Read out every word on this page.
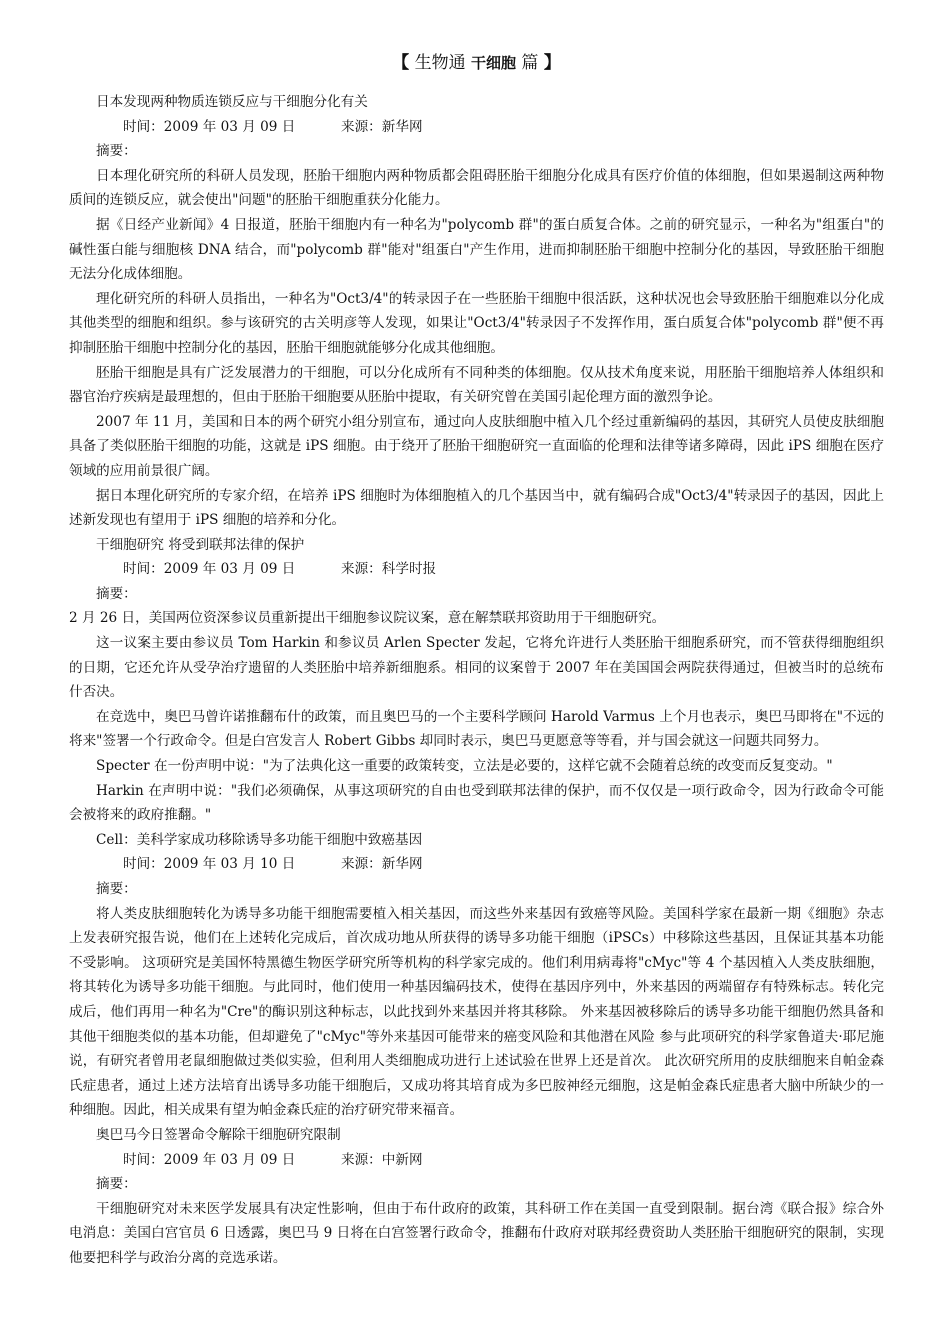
【 生物通 干细胞 篇 】

日本发现两种物质连锁反应与干细胞分化有关

时间：2009 年 03 月 09 日	来源：新华网

摘要：

日本理化研究所的科研人员发现，胚胎干细胞内两种物质都会阻碍胚胎干细胞分化成具有医疗价值的体细胞，但如果遏制这两种物质间的连锁反应，就会使出"问题"的胚胎干细胞重获分化能力。

据《日经产业新闻》4 日报道，胚胎干细胞内有一种名为"polycomb 群"的蛋白质复合体。之前的研究显示，一种名为"组蛋白"的碱性蛋白能与细胞核 DNA 结合，而"polycomb 群"能对"组蛋白"产生作用，进而抑制胚胎干细胞中控制分化的基因，导致胚胎干细胞无法分化成体细胞。

理化研究所的科研人员指出，一种名为"Oct3/4"的转录因子在一些胚胎干细胞中很活跃，这种状况也会导致胚胎干细胞难以分化成其他类型的细胞和组织。参与该研究的古关明彦等人发现，如果让"Oct3/4"转录因子不发挥作用，蛋白质复合体"polycomb 群"便不再抑制胚胎干细胞中控制分化的基因，胚胎干细胞就能够分化成其他细胞。

胚胎干细胞是具有广泛发展潜力的干细胞，可以分化成所有不同种类的体细胞。仅从技术角度来说，用胚胎干细胞培养人体组织和器官治疗疾病是最理想的，但由于胚胎干细胞要从胚胎中提取，有关研究曾在美国引起伦理方面的激烈争论。

2007 年 11 月，美国和日本的两个研究小组分别宣布，通过向人皮肤细胞中植入几个经过重新编码的基因，其研究人员使皮肤细胞具备了类似胚胎干细胞的功能，这就是 iPS 细胞。由于绕开了胚胎干细胞研究一直面临的伦理和法律等诸多障碍，因此 iPS 细胞在医疗领域的应用前景很广阔。

据日本理化研究所的专家介绍，在培养 iPS 细胞时为体细胞植入的几个基因当中，就有编码合成"Oct3/4"转录因子的基因，因此上述新发现也有望用于 iPS 细胞的培养和分化。

干细胞研究 将受到联邦法律的保护

时间：2009 年 03 月 09 日	来源：科学时报

摘要：

2 月 26 日，美国两位资深参议员重新提出干细胞参议院议案，意在解禁联邦资助用于干细胞研究。

这一议案主要由参议员 Tom Harkin 和参议员 Arlen Specter 发起，它将允许进行人类胚胎干细胞系研究，而不管获得细胞组织的日期，它还允许从受孕治疗遗留的人类胚胎中培养新细胞系。相同的议案曾于 2007 年在美国国会两院获得通过，但被当时的总统布什否决。

在竞选中，奥巴马曾许诺推翻布什的政策，而且奥巴马的一个主要科学顾问 Harold Varmus 上个月也表示，奥巴马即将在"不远的将来"签署一个行政命令。但是白宫发言人 Robert Gibbs 却同时表示，奥巴马更愿意等等看，并与国会就这一问题共同努力。

Specter 在一份声明中说："为了法典化这一重要的政策转变，立法是必要的，这样它就不会随着总统的改变而反复变动。"

Harkin 在声明中说："我们必须确保，从事这项研究的自由也受到联邦法律的保护，而不仅仅是一项行政命令，因为行政命令可能会被将来的政府推翻。"

Cell：美科学家成功移除诱导多功能干细胞中致癌基因

时间：2009 年 03 月 10 日	来源：新华网

摘要：

将人类皮肤细胞转化为诱导多功能干细胞需要植入相关基因，而这些外来基因有致癌等风险。美国科学家在最新一期《细胞》杂志上发表研究报告说，他们在上述转化完成后，首次成功地从所获得的诱导多功能干细胞（iPSCs）中移除这些基因，且保证其基本功能不受影响。 这项研究是美国怀特黑德生物医学研究所等机构的科学家完成的。他们利用病毒将"cMyc"等 4 个基因植入人类皮肤细胞，将其转化为诱导多功能干细胞。与此同时，他们使用一种基因编码技术，使得在基因序列中，外来基因的两端留存有特殊标志。转化完成后，他们再用一种名为"Cre"的酶识别这种标志，以此找到外来基因并将其移除。 外来基因被移除后的诱导多功能干细胞仍然具备和其他干细胞类似的基本功能，但却避免了"cMyc"等外来基因可能带来的癌变风险和其他潜在风险 参与此项研究的科学家鲁道夫·耶尼施说，有研究者曾用老鼠细胞做过类似实验，但利用人类细胞成功进行上述试验在世界上还是首次。 此次研究所用的皮肤细胞来自帕金森氏症患者，通过上述方法培育出诱导多功能干细胞后，又成功将其培育成为多巴胺神经元细胞，这是帕金森氏症患者大脑中所缺少的一种细胞。因此，相关成果有望为帕金森氏症的治疗研究带来福音。

奥巴马今日签署命令解除干细胞研究限制

时间：2009 年 03 月 09 日	来源：中新网

摘要：

干细胞研究对未来医学发展具有决定性影响，但由于布什政府的政策，其科研工作在美国一直受到限制。据台湾《联合报》综合外电消息：美国白宫官员 6 日透露，奥巴马 9 日将在白宫签署行政命令，推翻布什政府对联邦经费资助人类胚胎干细胞研究的限制，实现他要把科学与政治分离的竞选承诺。
